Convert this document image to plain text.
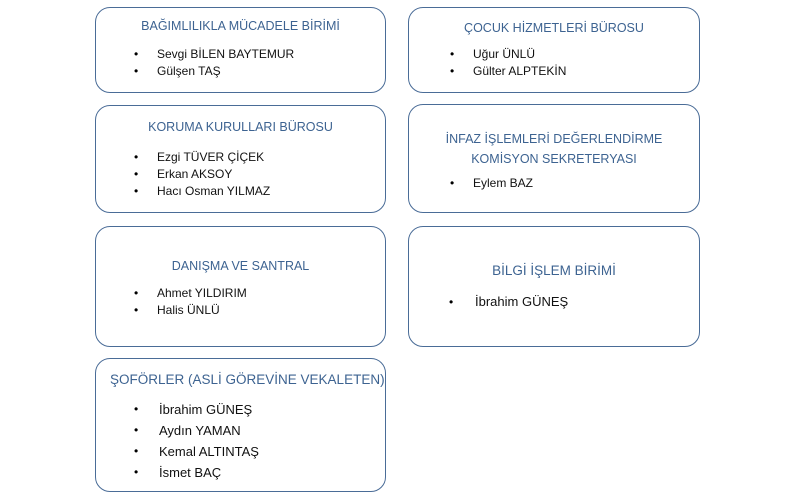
BAĞIMLILIKLA MÜCADELE BİRİMİ
• Sevgi BİLEN BAYTEMUR
• Gülşen TAŞ
ÇOCUK HİZMETLERİ BÜROSU
• Uğur ÜNLÜ
• Gülter ALPTEKİN
KORUMA KURULLARI BÜROSU
• Ezgi TÜVER ÇİÇEK
• Erkan AKSOY
• Hacı Osman YILMAZ
İNFAZ İŞLEMLERİ DEĞERLENDİRME KOMİSYON SEKRETERYASI
• Eylem BAZ
DANIŞMA VE SANTRAL
• Ahmet YILDIRIM
• Halis ÜNLÜ
BİLGİ İŞLEM BİRİMİ
• İbrahim GÜNEŞ
ŞOFÖRLER (ASLİ GÖREVİNE VEKALETEN)
• İbrahim GÜNEŞ
• Aydın YAMAN
• Kemal ALTINTAŞ
• İsmet BAÇ
